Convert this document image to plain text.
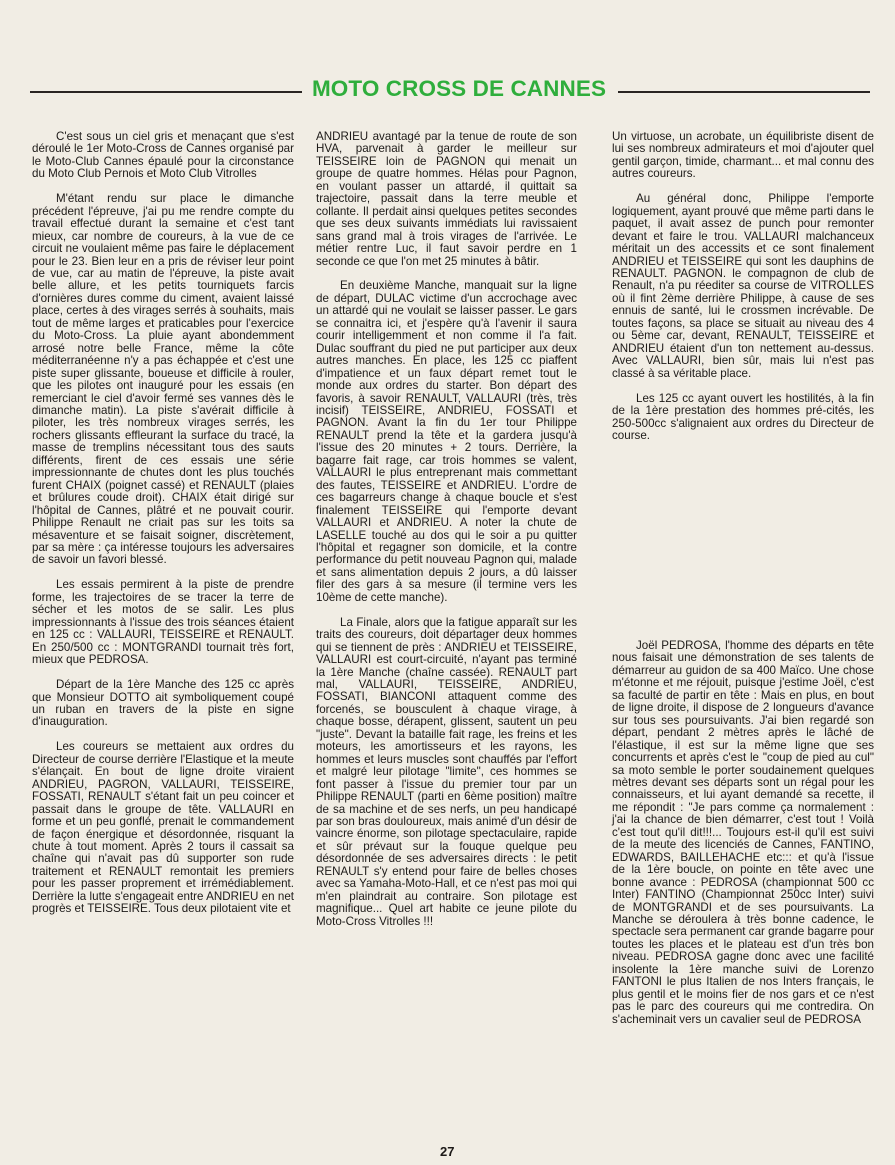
MOTO CROSS DE CANNES

C'est sous un ciel gris et menaçant que s'est déroulé le 1er Moto-Cross de Cannes organisé par le Moto-Club Cannes épaulé pour la circonstance du Moto Club Pernois et Moto Club Vitrolles

M'étant rendu sur place le dimanche précédent l'épreuve, j'ai pu me rendre compte du travail effectué durant la semaine et c'est tant mieux, car nombre de coureurs, à la vue de ce circuit ne voulaient même pas faire le déplacement pour le 23. Bien leur en a pris de réviser leur point de vue, car au matin de l'épreuve, la piste avait belle allure, et les petits tourniquets farcis d'ornières dures comme du ciment, avaient laissé place, certes à des virages serrés à souhaits, mais tout de même larges et praticables pour l'exercice du Moto-Cross. La pluie ayant abondemment arrosé notre belle France, même la côte méditerranéenne n'y a pas échappée et c'est une piste super glissante, boueuse et difficile à rouler, que les pilotes ont inauguré pour les essais (en remerciant le ciel d'avoir fermé ses vannes dès le dimanche matin). La piste s'avérait difficile à piloter, les très nombreux virages serrés, les rochers glissants effleurant la surface du tracé, la masse de tremplins nécessitant tous des sauts différents, firent de ces essais une série impressionnante de chutes dont les plus touchés furent CHAIX (poignet cassé) et RENAULT (plaies et brûlures coude droit). CHAIX était dirigé sur l'hôpital de Cannes, plâtré et ne pouvait courir. Philippe Renault ne criait pas sur les toits sa mésaventure et se faisait soigner, discrètement, par sa mère : ça intéresse toujours les adversaires de savoir un favori blessé.

Les essais permirent à la piste de prendre forme, les trajectoires de se tracer la terre de sécher et les motos de se salir. Les plus impressionnants à l'issue des trois séances étaient en 125 cc : VALLAURI, TEISSEIRE et RENAULT. En 250/500 cc : MONTGRANDI tournait très fort, mieux que PEDROSA.

Départ de la 1ère Manche des 125 cc après que Monsieur DOTTO ait symboliquement coupé un ruban en travers de la piste en signe d'inauguration.

Les coureurs se mettaient aux ordres du Directeur de course derrière l'Elastique et la meute s'élançait. En bout de ligne droite viraient ANDRIEU, PAGRON, VALLAURI, TEISSEIRE, FOSSATI, RENAULT s'étant fait un peu coincer et passait dans le groupe de tête. VALLAURI en forme et un peu gonflé, prenait le commandement de façon énergique et désordonnée, risquant la chute à tout moment. Après 2 tours il cassait sa chaîne qui n'avait pas dû supporter son rude traitement et RENAULT remontait les premiers pour les passer proprement et irrémédiablement. Derrière la lutte s'engageait entre ANDRIEU en net progrès et TEISSEIRE. Tous deux pilotaient vite et

ANDRIEU avantagé par la tenue de route de son HVA, parvenait à garder le meilleur sur TEISSEIRE loin de PAGNON qui menait un groupe de quatre hommes. Hélas pour Pagnon, en voulant passer un attardé, il quittait sa trajectoire, passait dans la terre meuble et collante. Il perdait ainsi quelques petites secondes que ses deux suivants immédiats lui ravissaient sans grand mal à trois virages de l'arrivée. Le métier rentre Luc, il faut savoir perdre en 1 seconde ce que l'on met 25 minutes à bâtir.

En deuxième Manche, manquait sur la ligne de départ, DULAC victime d'un accrochage avec un attardé qui ne voulait se laisser passer. Le gars se connaitra ici, et j'espère qu'à l'avenir il saura courir intelligemment et non comme il l'a fait. Dulac souffrant du pied ne put participer aux deux autres manches. En place, les 125 cc piaffent d'impatience et un faux départ remet tout le monde aux ordres du starter. Bon départ des favoris, à savoir RENAULT, VALLAURI (très, très incisif) TEISSEIRE, ANDRIEU, FOSSATI et PAGNON. Avant la fin du 1er tour Philippe RENAULT prend la tête et la gardera jusqu'à l'issue des 20 minutes + 2 tours. Derrière, la bagarre fait rage, car trois hommes se valent, VALLAURI le plus entreprenant mais commettant des fautes, TEISSEIRE et ANDRIEU. L'ordre de ces bagarreurs change à chaque boucle et s'est finalement TEISSEIRE qui l'emporte devant VALLAURI et ANDRIEU. A noter la chute de LASELLE touché au dos qui le soir a pu quitter l'hôpital et regagner son domicile, et la contre performance du petit nouveau Pagnon qui, malade et sans alimentation depuis 2 jours, a dû laisser filer des gars à sa mesure (il termine vers les 10ème de cette manche).

La Finale, alors que la fatigue apparaît sur les traits des coureurs, doit départager deux hommes qui se tiennent de près : ANDRIEU et TEISSEIRE, VALLAURI est court-circuité, n'ayant pas terminé la 1ère Manche (chaîne cassée). RENAULT part mal, VALLAURI, TEISSEIRE, ANDRIEU, FOSSATI, BIANCONI attaquent comme des forcenés, se bousculent à chaque virage, à chaque bosse, dérapent, glissent, sautent un peu "juste". Devant la bataille fait rage, les freins et les moteurs, les amortisseurs et les rayons, les hommes et leurs muscles sont chauffés par l'effort et malgré leur pilotage "limite", ces hommes se font passer à l'issue du premier tour par un Philippe RENAULT (parti en 6ème position) maître de sa machine et de ses nerfs, un peu handicapé par son bras douloureux, mais animé d'un désir de vaincre énorme, son pilotage spectaculaire, rapide et sûr prévaut sur la fouque quelque peu désordonnée de ses adversaires directs : le petit RENAULT s'y entend pour faire de belles choses avec sa Yamaha-Moto-Hall, et ce n'est pas moi qui m'en plaindrait au contraire. Son pilotage est magnifique... Quel art habite ce jeune pilote du Moto-Cross Vitrolles !!!

Un virtuose, un acrobate, un équilibriste disent de lui ses nombreux admirateurs et moi d'ajouter quel gentil garçon, timide, charmant... et mal connu des autres coureurs.

Au général donc, Philippe l'emporte logiquement, ayant prouvé que même parti dans le paquet, il avait assez de punch pour remonter devant et faire le trou. VALLAURI malchanceux méritait un des accessits et ce sont finalement ANDRIEU et TEISSEIRE qui sont les dauphins de RENAULT. PAGNON. le compagnon de club de Renault, n'a pu réediter sa course de VITROLLES où il fint 2ème derrière Philippe, à cause de ses ennuis de santé, lui le crossmen incrévable. De toutes façons, sa place se situait au niveau des 4 ou 5ème car, devant, RENAULT, TEISSEIRE et ANDRIEU étaient d'un ton nettement au-dessus. Avec VALLAURI, bien sûr, mais lui n'est pas classé à sa véritable place.

Les 125 cc ayant ouvert les hostilités, à la fin de la 1ère prestation des hommes pré-cités, les 250-500cc s'alignaient aux ordres du Directeur de course.

Joël PEDROSA, l'homme des départs en tête nous faisait une démonstration de ses talents de démarreur au guidon de sa 400 Maïco. Une chose m'étonne et me réjouit, puisque j'estime Joël, c'est sa faculté de partir en tête : Mais en plus, en bout de ligne droite, il dispose de 2 longueurs d'avance sur tous ses poursuivants. J'ai bien regardé son départ, pendant 2 mètres après le lâché de l'élastique, il est sur la même ligne que ses concurrents et après c'est le "coup de pied au cul" sa moto semble le porter soudainement quelques mètres devant ses départs sont un régal pour les connaisseurs, et lui ayant demandé sa recette, il me répondit : "Je pars comme ça normalement : j'ai la chance de bien démarrer, c'est tout ! Voilà c'est tout qu'il dit!!!... Toujours est-il qu'il est suivi de la meute des licenciés de Cannes, FANTINO, EDWARDS, BAILLEHACHE etc::: et qu'à l'issue de la 1ère boucle, on pointe en tête avec une bonne avance : PEDROSA (championnat 500 cc Inter) FANTINO (Championnat 250cc Inter) suivi de MONTGRANDI et de ses poursuivants. La Manche se déroulera à très bonne cadence, le spectacle sera permanent car grande bagarre pour toutes les places et le plateau est d'un très bon niveau. PEDROSA gagne donc avec une facilité insolente la 1ère manche suivi de Lorenzo FANTONI le plus Italien de nos Inters français, le plus gentil et le moins fier de nos gars et ce n'est pas le parc des coureurs qui me contredira. On s'acheminait vers un cavalier seul de PEDROSA

27
